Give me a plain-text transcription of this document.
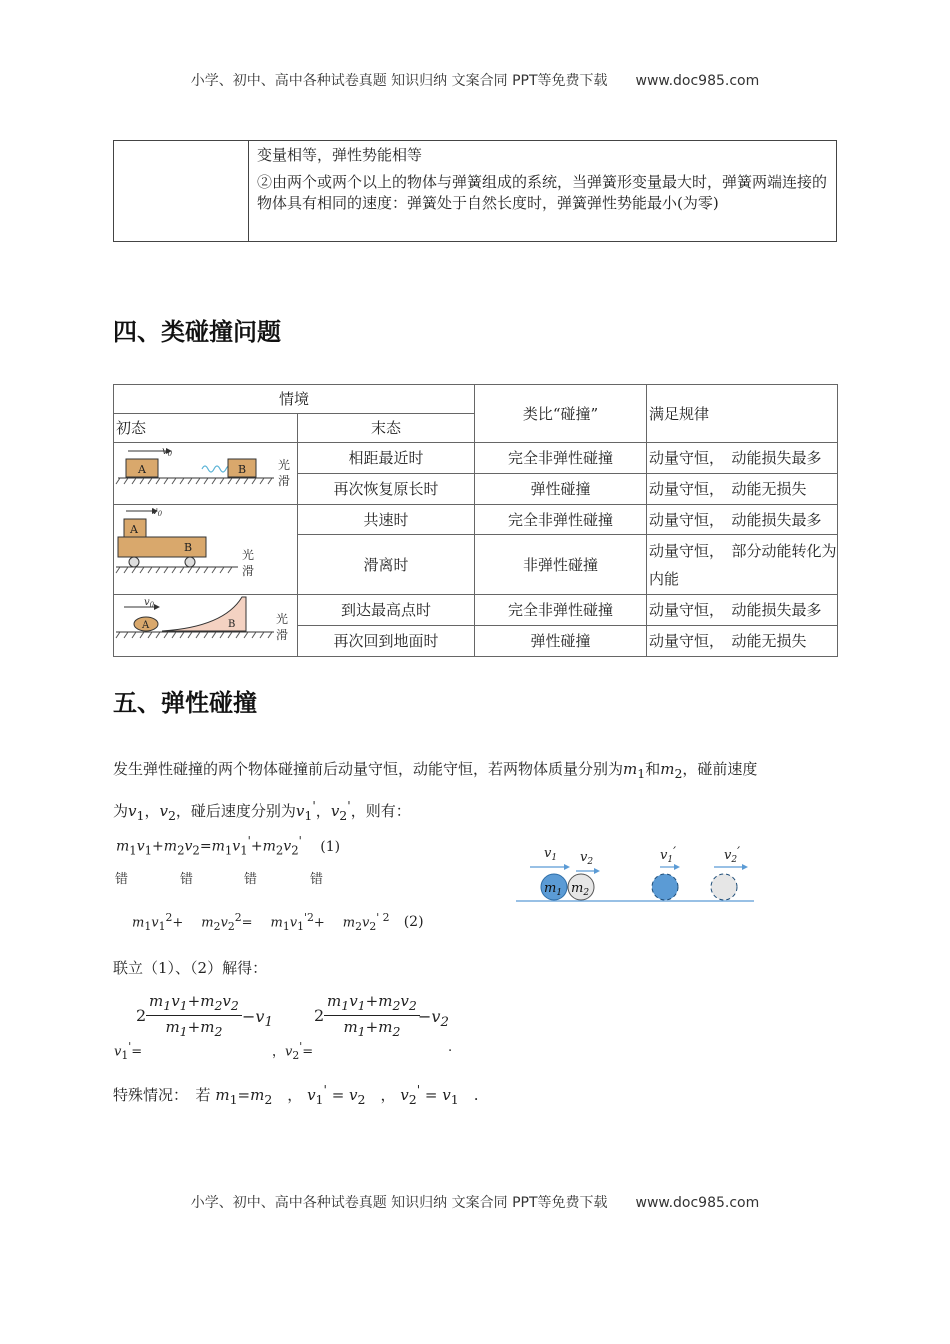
小学、初中、高中各种试卷真题 知识归纳 文案合同 PPT等免费下载 www.doc985.com

变量相等，弹性势能相等

②由两个或两个以上的物体与弹簧组成的系统，当弹簧形变量最大时，弹簧两端连接的物体具有相同的速度：弹簧处于自然长度时，弹簧弹性势能最小(为零)

四、类碰撞问题
情境		类比“碰撞”	满足规律
初态	末态		

$v_0$
A B 光
滑	相距最近时	完全非弹性碰撞	动量守恒，　动能损失最多
	再次恢复原长时	弹性碰撞	动量守恒，　动能无损失

$v_0$
A
B
光
滑	共速时	完全非弹性碰撞	动量守恒，　动能损失最多
	滑离时	非弹性碰撞	动量守恒，　部分动能转化为内能

$v_0$
A B 光
滑	到达最高点时	完全非弹性碰撞	动量守恒，　动能损失最多
	再次回到地面时	弹性碰撞	动量守恒，　动能无损失
五、弹性碰撞
发生弹性碰撞的两个物体碰撞前后动量守恒，动能守恒，若两物体质量分别为$m_1$和$m_2$，碰前速度
为$v_1$，$v_2$，碰后速度分别为$v_1'$，$v_2'$，则有：
$m_1v_1+m_2v_2=m_1v_1'+m_2v_2'$ (1)
错	错	错	错
$m_1v_1^2+ m_2v_2^2= m_1v_1^{'2}+ m_2v_2^{' 2}$ (2)
$v_1$ $v_2$
$m_1$ $m_2$
$v_1'$	$v_2'$
联立（1）、（2）解得：
$2 \frac{m_1v_1+m_2v_2}{m_1+m_2} -v_1$
$v_1'=$	，$v_2'=$
$2 \frac{m_1v_1+m_2v_2}{m_1+m_2}$
$-v_2$
.
特殊情况：　 若 $m_1=m_2$　， $v_1' = v_2$　， $v_2' = v_1$　.
小学、初中、高中各种试卷真题 知识归纳 文案合同 PPT等免费下载 www.doc985.com
